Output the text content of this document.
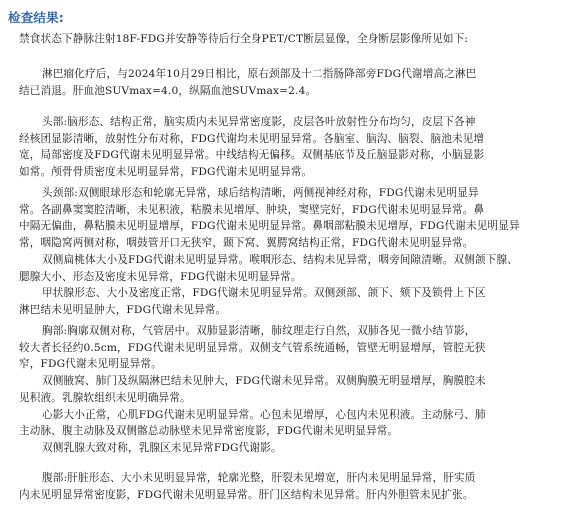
检查结果:
禁食状态下静脉注射18F-FDG并安静等待后行全身PET/CT断层显像，全身断层影像所见如下:
淋巴瘤化疗后，与2024年10月29日相比，原右颈部及十二指肠降部旁FDG代谢增高之淋巴
结已消退。肝血池SUVmax=4.0，纵隔血池SUVmax=2.4。
头部:脑形态、结构正常，脑实质内未见异常密度影，皮层各叶放射性分布均匀，皮层下各神
经核团显影清晰，放射性分布对称，FDG代谢均未见明显异常。各脑室、脑沟、脑裂、脑池未见增
宽，局部密度及FDG代谢未见明显异常。中线结构无偏移。双侧基底节及丘脑显影对称，小脑显影
如常。颅骨骨质密度未见明显异常，FDG代谢未见明显异常。
头颈部:双侧眼球形态和轮廓无异常，球后结构清晰，两侧视神经对称，FDG代谢未见明显异
常。各副鼻窦窦腔清晰，未见积液，粘膜未见增厚、肿块，窦壁完好，FDG代谢未见明显异常。鼻
中隔无偏曲，鼻粘膜未见明显增厚，FDG代谢未见明显异常。鼻咽部粘膜未见增厚，FDG代谢未见明显异
常，咽隐窝两侧对称，咽鼓管开口无狭窄，颞下窝、翼腭窝结构正常，FDG代谢未见明显异常。
双侧扁桃体大小及FDG代谢未见明显异常。喉咽形态、结构未见异常，咽旁间隙清晰。双侧颌下腺、
腮腺大小、形态及密度未见异常，FDG代谢未见明显异常。
甲状腺形态、大小及密度正常，FDG代谢未见明显异常。双侧颈部、颌下、颏下及锁骨上下区
淋巴结未见明显肿大，FDG代谢未见异常。
胸部:胸廓双侧对称，气管居中。双肺显影清晰，肺纹理走行自然，双肺各见一微小结节影，
较大者长径约0.5cm，FDG代谢未见明显异常。双侧支气管系统通畅，管壁无明显增厚，管腔无狭
窄，FDG代谢未见明显异常。
双侧腋窝、肺门及纵隔淋巴结未见肿大，FDG代谢未见异常。双侧胸膜无明显增厚，胸膜腔未
见积液。乳腺软组织未见明确异常。
心影大小正常，心肌FDG代谢未见明显异常。心包未见增厚，心包内未见积液。主动脉弓、肺
主动脉、腹主动脉及双侧髂总动脉壁未见异常密度影，FDG代谢未见明显异常。
双侧乳腺大致对称，乳腺区未见异常FDG代谢影。
腹部:肝脏形态、大小未见明显异常，轮廓光整，肝裂未见增宽，肝内未见明显异常，肝实质
内未见明显异常密度影，FDG代谢未见明显异常。肝门区结构未见异常。肝内外胆管未见扩张。
